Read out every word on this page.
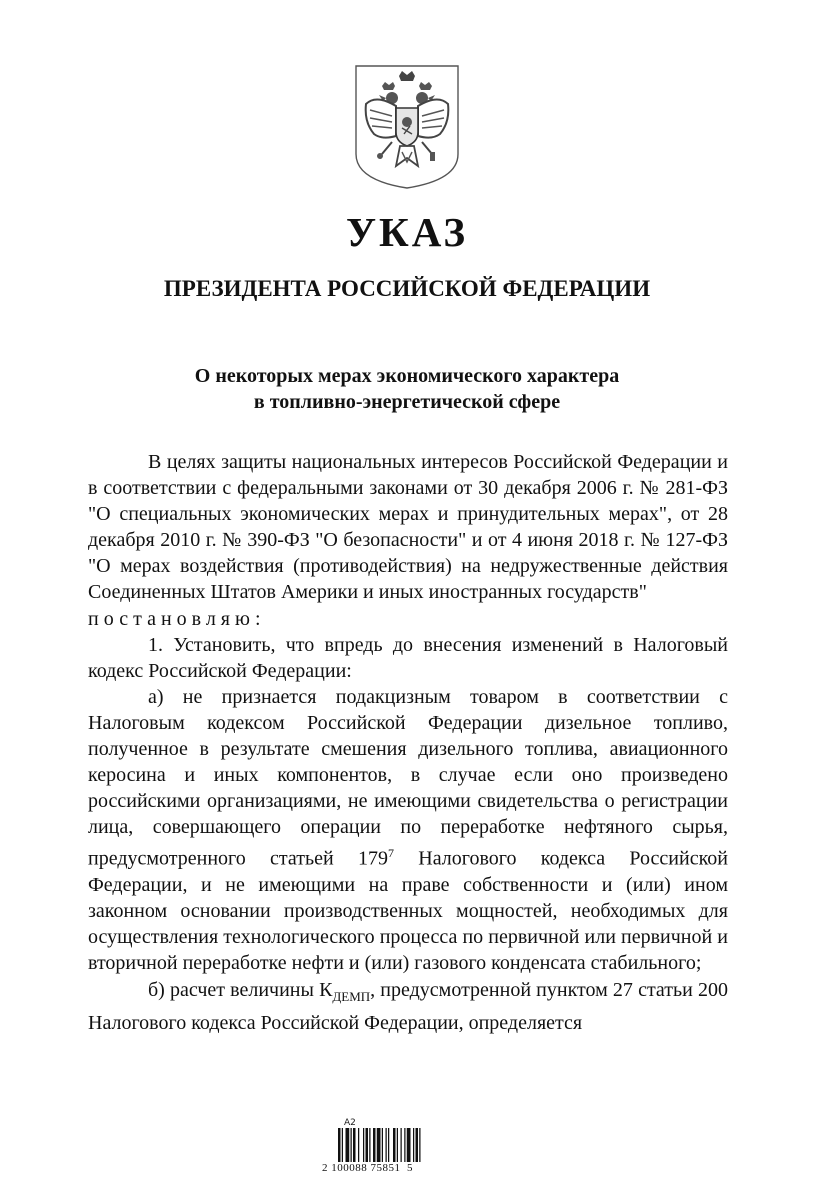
УКАЗ
ПРЕЗИДЕНТА РОССИЙСКОЙ ФЕДЕРАЦИИ
О некоторых мерах экономического характера
в топливно-энергетической сфере

В целях защиты национальных интересов Российской Федерации и в соответствии с федеральными законами от 30 декабря 2006 г. № 281-ФЗ "О специальных экономических мерах и принудительных мерах", от 28 декабря 2010 г. № 390-ФЗ "О безопасности" и от 4 июня 2018 г. № 127-ФЗ "О мерах воздействия (противодействия) на недружественные действия Соединенных Штатов Америки и иных иностранных государств"

постановляю:

1. Установить, что впредь до внесения изменений в Налоговый кодекс Российской Федерации:

а) не признается подакцизным товаром в соответствии с Налоговым кодексом Российской Федерации дизельное топливо, полученное в результате смешения дизельного топлива, авиационного керосина и иных компонентов, в случае если оно произведено российскими организациями, не имеющими свидетельства о регистрации лица, совершающего операции по переработке нефтяного сырья, предусмотренного статьей $179^7$ Налогового кодекса Российской Федерации, и не имеющими на праве собственности и (или) ином законном основании производственных мощностей, необходимых для осуществления технологического процесса по первичной или первичной и вторичной переработке нефти и (или) газового конденсата стабильного;

б) расчет величины $К_{ДЕМП}$, предусмотренной пунктом 27 статьи 200 Налогового кодекса Российской Федерации, определяется

A2
2 100088 75851  5
